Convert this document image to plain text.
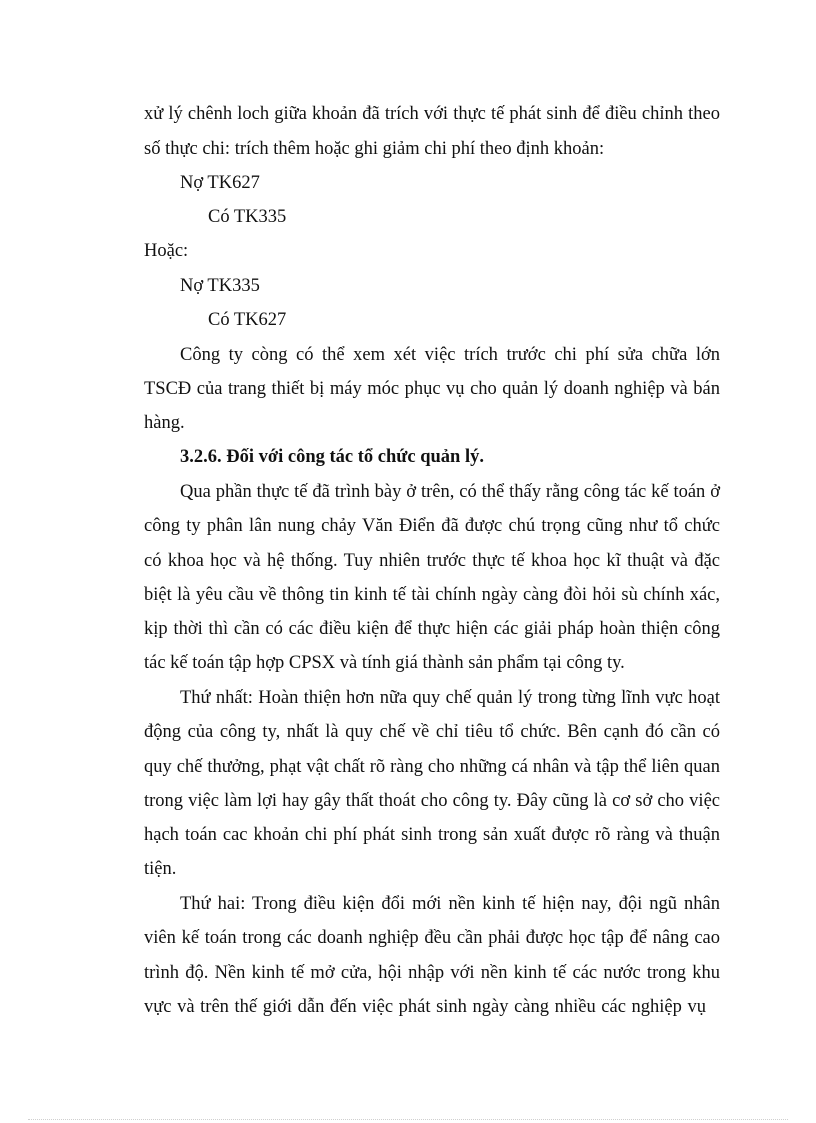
xử lý chênh loch giữa khoản đã trích với thực tế phát sinh để điều chỉnh theo
số thực chi: trích thêm hoặc ghi giảm chi phí theo định khoản:
Nợ TK627
Có TK335
Hoặc:
Nợ TK335
Có TK627
Công ty còng có thể xem xét việc trích trước chi phí sửa chữa lớn
TSCĐ của trang thiết bị máy móc phục vụ cho quản lý doanh nghiệp và bán
hàng.
3.2.6. Đối với công tác tổ chức quản lý.
Qua phần thực tế đã trình bày ở trên, có thể thấy rằng công tác kế toán ở
công ty phân lân nung chảy Văn Điển đã được chú trọng cũng như tổ chức
có khoa học và hệ thống. Tuy nhiên trước thực tế khoa học kĩ thuật và đặc
biệt là yêu cầu về thông tin kinh tế tài chính ngày càng đòi hỏi sù chính xác,
kịp thời thì cần có các điều kiện để thực hiện các giải pháp hoàn thiện công
tác kế toán tập hợp CPSX và tính giá thành sản phẩm tại công ty.
Thứ nhất: Hoàn thiện hơn nữa quy chế quản lý trong từng lĩnh vực hoạt
động của công ty, nhất là quy chế về chỉ tiêu tổ chức. Bên cạnh đó cần có
quy chế thưởng, phạt vật chất rõ ràng cho những cá nhân và tập thể liên quan
trong việc làm lợi hay gây thất thoát cho công ty. Đây cũng là cơ sở cho việc
hạch toán cac khoản chi phí phát sinh trong sản xuất được rõ ràng và thuận
tiện.
Thứ hai: Trong điều kiện đổi mới nền kinh tế hiện nay, đội ngũ nhân
viên kế toán trong các doanh nghiệp đều cần phải được học tập để nâng cao
trình độ. Nền kinh tế mở cửa, hội nhập với nền kinh tế các nước trong khu
vực và trên thế giới dẫn đến việc phát sinh ngày càng nhiều các nghiệp vụ
